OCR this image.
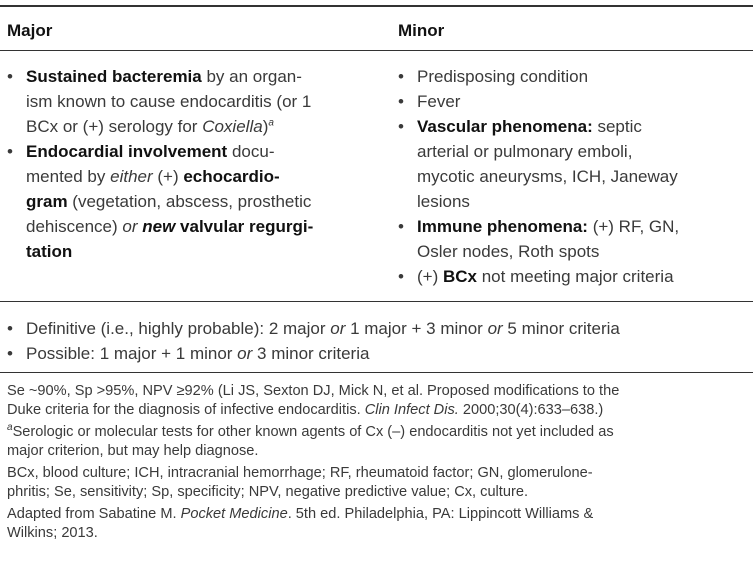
Major	Minor
• Sustained bacteremia by an organ-
ism known to cause endocarditis (or 1
BCx or (+) serology for Coxiella)$^a$
• Endocardial involvement docu-
mented by either (+) echocardio-
gram (vegetation, abscess, prosthetic
dehiscence) or new valvular regurgi-
tation
• Predisposing condition
• Fever
• Vascular phenomena: septic
arterial or pulmonary emboli,
mycotic aneurysms, ICH, Janeway
lesions
• Immune phenomena: (+) RF, GN,
Osler nodes, Roth spots
• (+) BCx not meeting major criteria
• Definitive (i.e., highly probable): 2 major or 1 major + 3 minor or 5 minor criteria
• Possible: 1 major + 1 minor or 3 minor criteria
Se ~90%, Sp >95%, NPV ≥92% (Li JS, Sexton DJ, Mick N, et al. Proposed modifications to the
Duke criteria for the diagnosis of infective endocarditis. Clin Infect Dis. 2000;30(4):633–638.)
$^a$Serologic or molecular tests for other known agents of Cx (–) endocarditis not yet included as
major criterion, but may help diagnose.
BCx, blood culture; ICH, intracranial hemorrhage; RF, rheumatoid factor; GN, glomerulone-
phritis; Se, sensitivity; Sp, specificity; NPV, negative predictive value; Cx, culture.
Adapted from Sabatine M. Pocket Medicine. 5th ed. Philadelphia, PA: Lippincott Williams &
Wilkins; 2013.
